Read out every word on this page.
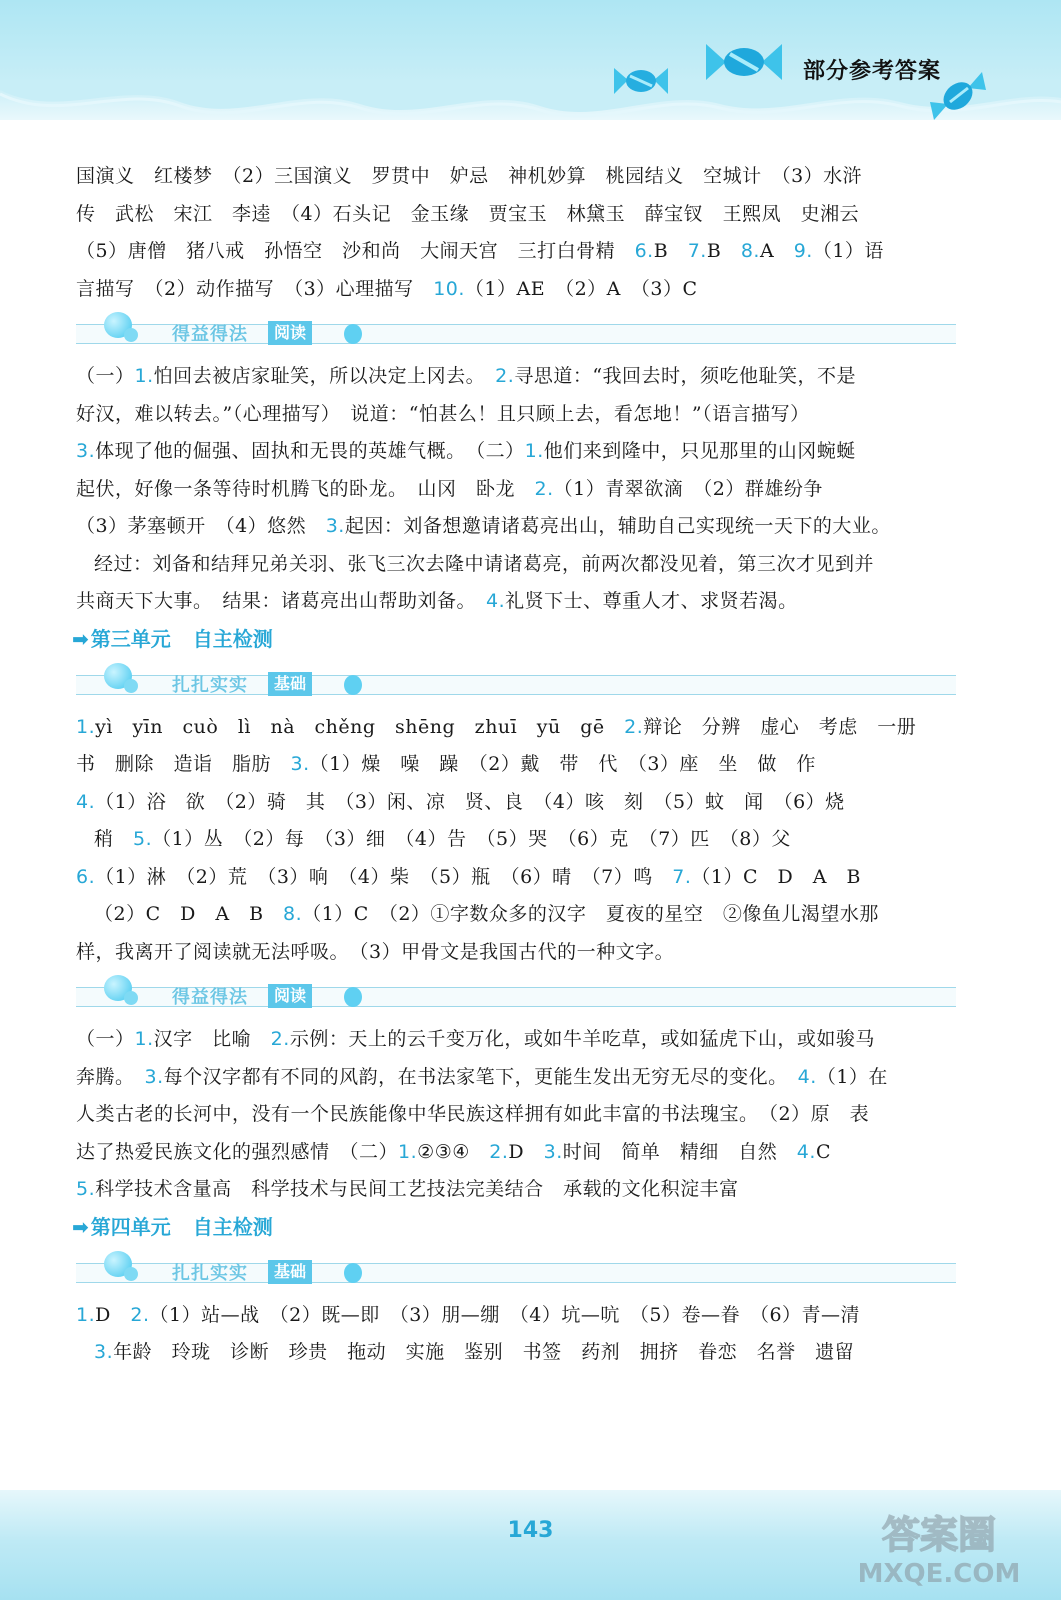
部分参考答案
国演义　红楼梦　（2）三国演义　罗贯中　妒忌　神机妙算　桃园结义　空城计　（3）水浒
传　武松　宋江　李逵　（4）石头记　金玉缘　贾宝玉　林黛玉　薛宝钗　王熙凤　史湘云
（5）唐僧　猪八戒　孙悟空　沙和尚　大闹天宫　三打白骨精　6.B　7.B　8.A　9.（1）语
言描写　（2）动作描写　（3）心理描写　10.（1）AE　（2）A　（3）C
得益得法	阅读
（一）1.怕回去被店家耻笑，所以决定上冈去。　2.寻思道：“我回去时，须吃他耻笑，不是
好汉，难以转去。”（心理描写）　说道：“怕甚么！且只顾上去，看怎地！”（语言描写）
3.体现了他的倔强、固执和无畏的英雄气概。　（二）1.他们来到隆中，只见那里的山冈蜿蜒
起伏，好像一条等待时机腾飞的卧龙。　山冈　卧龙　2.（1）青翠欲滴　（2）群雄纷争
（3）茅塞顿开　（4）悠然　3.起因：刘备想邀请诸葛亮出山，辅助自己实现统一天下的大业。
经过：刘备和结拜兄弟关羽、张飞三次去隆中请诸葛亮，前两次都没见着，第三次才见到并
共商天下大事。　结果：诸葛亮出山帮助刘备。　4.礼贤下士、尊重人才、求贤若渴。
➡ 第三单元 自主检测
扎扎实实	基础
1.yì　yīn　cuò　lì　nà　chěng　shēng　zhuī　yū　gē　2.辩论　分辨　虚心　考虑　一册
书　删除　造诣　脂肪　3.（1）燥　噪　躁　（2）戴　带　代　（3）座　坐　做　作
4.（1）浴　欲　（2）骑　其　（3）闲、凉　贤、良　（4）咳　刻　（5）蚊　闻　（6）烧
稍　5.（1）丛　（2）每　（3）细　（4）告　（5）哭　（6）克　（7）匹　（8）父
6.（1）淋　（2）荒　（3）响　（4）柴　（5）瓶　（6）晴　（7）鸣　7.（1）C　D　A　B
（2）C　D　A　B　8.（1）C　（2）①字数众多的汉字　夏夜的星空　②像鱼儿渴望水那
样，我离开了阅读就无法呼吸。　（3）甲骨文是我国古代的一种文字。
得益得法	阅读
（一）1.汉字　比喻　2.示例：天上的云千变万化，或如牛羊吃草，或如猛虎下山，或如骏马
奔腾。　3.每个汉字都有不同的风韵，在书法家笔下，更能生发出无穷无尽的变化。　4.（1）在
人类古老的长河中，没有一个民族能像中华民族这样拥有如此丰富的书法瑰宝。　（2）原　表
达了热爱民族文化的强烈感情　（二）1.②③④　2.D　3.时间　简单　精细　自然　4.C
5.科学技术含量高　科学技术与民间工艺技法完美结合　承载的文化积淀丰富
➡ 第四单元 自主检测
扎扎实实	基础
1.D　2.（1）站—战　（2）既—即　（3）朋—绷　（4）坑—吭　（5）卷—眷　（6）青—清
3.年龄　玲珑　诊断　珍贵　拖动　实施　鉴别　书签　药剂　拥挤　眷恋　名誉　遗留
143	答案圈
MXQE.COM
